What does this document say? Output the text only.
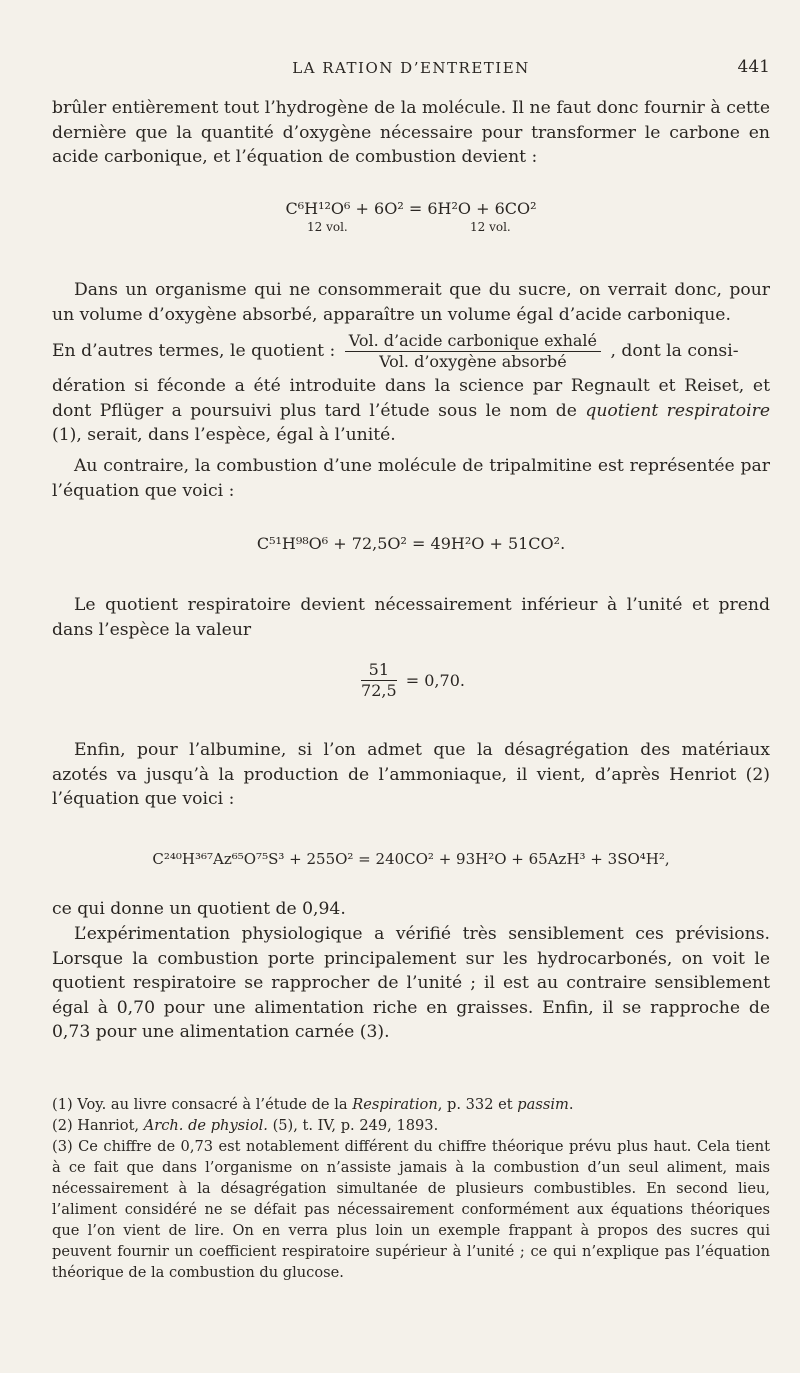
LA RATION D’ENTRETIEN	441

brûler entièrement tout l’hydrogène de la molécule. Il ne faut donc fournir à cette dernière que la quantité d’oxygène nécessaire pour transformer le carbone en acide carbonique, et l’équation de combustion devient :

C⁶H¹²O⁶ + 6O² = 6H²O + 6CO²
12 vol.	12 vol.

Dans un organisme qui ne consommerait que du sucre, on verrait donc, pour un volume d’oxygène absorbé, apparaître un volume égal d’acide carbonique.

En d’autres termes, le quotient : $\frac{\text{Vol. d’acide carbonique exhalé}}{\text{Vol. d’oxygène absorbé}}$ , dont la consi-

dération si féconde a été introduite dans la science par Regnault et Reiset, et dont Pflüger a poursuivi plus tard l’étude sous le nom de quotient respiratoire (1), serait, dans l’espèce, égal à l’unité.

Au contraire, la combustion d’une molécule de tripalmitine est représentée par l’équation que voici :

C⁵¹H⁹⁸O⁶ + 72,5O² = 49H²O + 51CO².

Le quotient respiratoire devient nécessairement inférieur à l’unité et prend dans l’espèce la valeur

$\frac{51}{72,5} = 0,70$.

Enfin, pour l’albumine, si l’on admet que la désagrégation des matériaux azotés va jusqu’à la production de l’ammoniaque, il vient, d’après Henriot (2) l’équation que voici :

C²⁴⁰H³⁶⁷Az⁶⁵O⁷⁵S³ + 255O² = 240CO² + 93H²O + 65AzH³ + 3SO⁴H²,

ce qui donne un quotient de 0,94.

L’expérimentation physiologique a vérifié très sensiblement ces prévisions. Lorsque la combustion porte principalement sur les hydrocarbonés, on voit le quotient respiratoire se rapprocher de l’unité ; il est au contraire sensiblement égal à 0,70 pour une alimentation riche en graisses. Enfin, il se rapproche de 0,73 pour une alimentation carnée (3).

(1) Voy. au livre consacré à l’étude de la Respiration, p. 332 et passim.

(2) Hanriot, Arch. de physiol. (5), t. IV, p. 249, 1893.

(3) Ce chiffre de 0,73 est notablement différent du chiffre théorique prévu plus haut. Cela tient à ce fait que dans l’organisme on n’assiste jamais à la combustion d’un seul aliment, mais nécessairement à la désagrégation simultanée de plusieurs combustibles. En second lieu, l’aliment considéré ne se défait pas nécessairement conformément aux équations théoriques que l’on vient de lire. On en verra plus loin un exemple frappant à propos des sucres qui peuvent fournir un coefficient respiratoire supérieur à l’unité ; ce qui n’explique pas l’équation théorique de la combustion du glucose.
